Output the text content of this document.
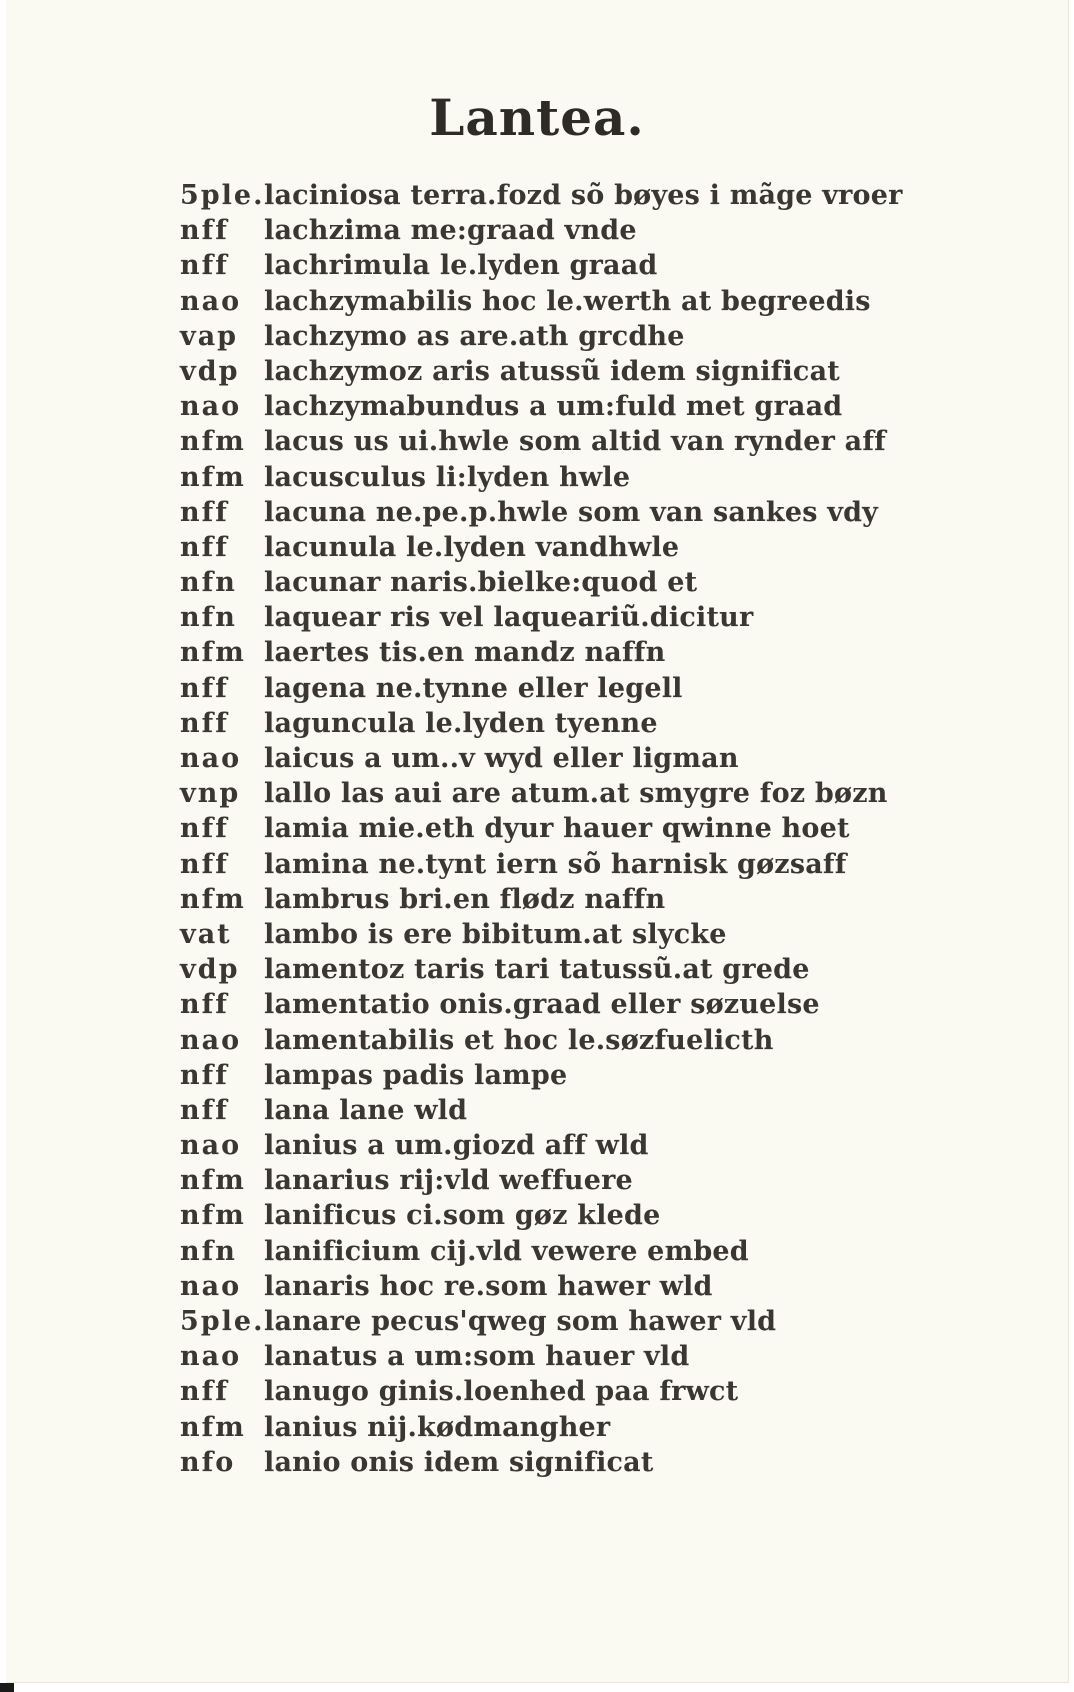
Lantea.
5ple. laciniosa terra.fozd sõ bøyes i mãge vroer
nff	lachzima me:graad vnde
nff	lachrimula le.lyden graad
nao lachzymabilis hoc le.werth at begreedis
vap lachzymo as are.ath grcdhe
vdp lachzymoz aris atussũ idem significat
nao lachzymabundus a um:fuld met graad
nfm lacus us ui.hwle som altid van rynder aff
nfm lacusculus li:lyden hwle
nff	lacuna ne.pe.p.hwle som van sankes vdy
nff	lacunula le.lyden vandhwle
nfn	lacunar naris.bielke:quod et
nfn	laquear ris vel laqueariũ.dicitur
nfm laertes tis.en mandz naffn
nff	lagena ne.tynne eller legell
nff	laguncula le.lyden tyenne
nao laicus a um..v wyd eller ligman
vnp lallo las aui are atum.at smygre foz bøzn
nff	lamia mie.eth dyur hauer qwinne hoet
nff	lamina ne.tynt iern sõ harnisk gøzsaff
nfm lambrus bri.en flødz naffn
vat	lambo is ere bibitum.at slycke
vdp lamentoz taris tari tatussũ.at grede
nff	lamentatio onis.graad eller søzuelse
nao lamentabilis et hoc le.søzfuelicth
nff	lampas padis lampe
nff	lana lane wld
nao lanius a um.giozd aff wld
nfm lanarius rij:vld weffuere
nfm lanificus ci.som gøz klede
nfn	lanificium cij.vld vewere embed
nao lanaris hoc re.som hawer wld
5ple. lanare pecus'qweg som hawer vld
nao lanatus a um:som hauer vld
nff	lanugo ginis.loenhed paa frwct
nfm lanius nij.kødmangher
nfo	lanio onis idem significat
